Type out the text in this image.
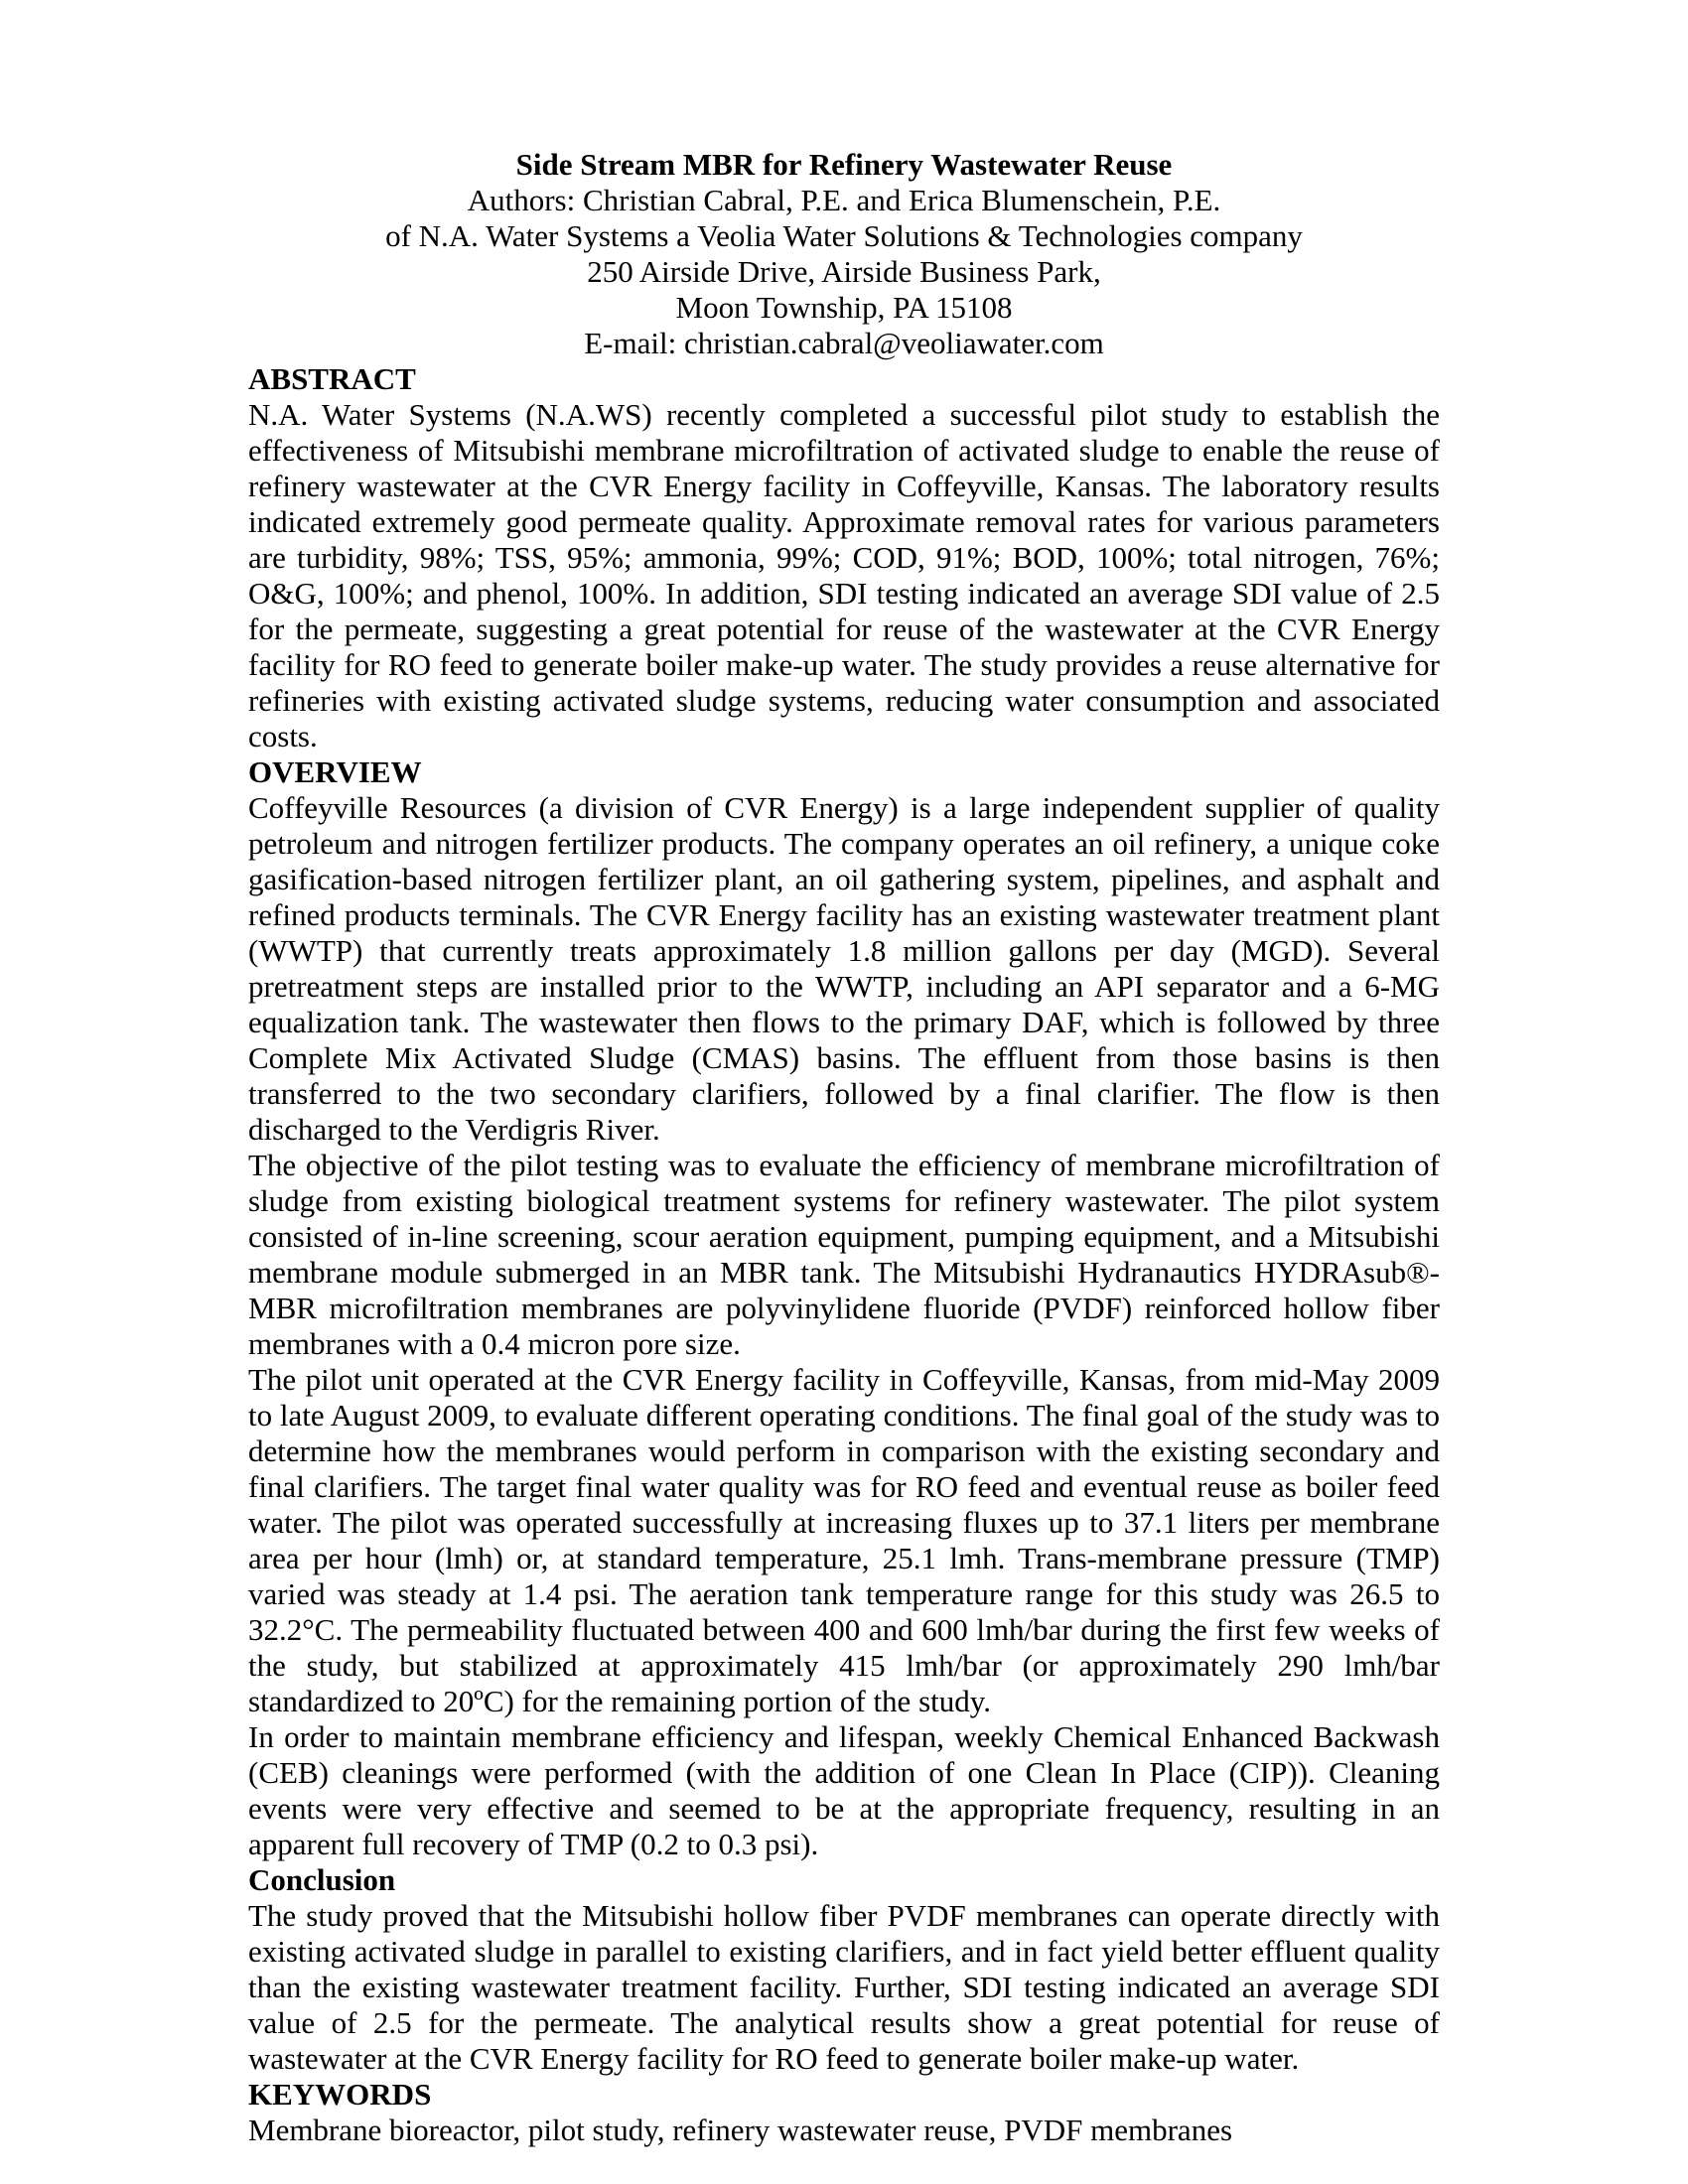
Side Stream MBR for Refinery Wastewater Reuse
Authors: Christian Cabral, P.E. and Erica Blumenschein, P.E.
of N.A. Water Systems a Veolia Water Solutions & Technologies company
250 Airside Drive, Airside Business Park,
Moon Township, PA 15108
E-mail: christian.cabral@veoliawater.com
ABSTRACT

N.A. Water Systems (N.A.WS) recently completed a successful pilot study to establish the effectiveness of Mitsubishi membrane microfiltration of activated sludge to enable the reuse of refinery wastewater at the CVR Energy facility in Coffeyville, Kansas. The laboratory results indicated extremely good permeate quality. Approximate removal rates for various parameters are turbidity, 98%; TSS, 95%; ammonia, 99%; COD, 91%; BOD, 100%; total nitrogen, 76%; O&G, 100%; and phenol, 100%. In addition, SDI testing indicated an average SDI value of 2.5 for the permeate, suggesting a great potential for reuse of the wastewater at the CVR Energy facility for RO feed to generate boiler make-up water. The study provides a reuse alternative for refineries with existing activated sludge systems, reducing water consumption and associated costs.

OVERVIEW

Coffeyville Resources (a division of CVR Energy) is a large independent supplier of quality petroleum and nitrogen fertilizer products. The company operates an oil refinery, a unique coke gasification-based nitrogen fertilizer plant, an oil gathering system, pipelines, and asphalt and refined products terminals. The CVR Energy facility has an existing wastewater treatment plant (WWTP) that currently treats approximately 1.8 million gallons per day (MGD). Several pretreatment steps are installed prior to the WWTP, including an API separator and a 6-MG equalization tank. The wastewater then flows to the primary DAF, which is followed by three Complete Mix Activated Sludge (CMAS) basins. The effluent from those basins is then transferred to the two secondary clarifiers, followed by a final clarifier. The flow is then discharged to the Verdigris River.

The objective of the pilot testing was to evaluate the efficiency of membrane microfiltration of sludge from existing biological treatment systems for refinery wastewater. The pilot system consisted of in-line screening, scour aeration equipment, pumping equipment, and a Mitsubishi membrane module submerged in an MBR tank. The Mitsubishi Hydranautics HYDRAsub®-MBR microfiltration membranes are polyvinylidene fluoride (PVDF) reinforced hollow fiber membranes with a 0.4 micron pore size.

The pilot unit operated at the CVR Energy facility in Coffeyville, Kansas, from mid-May 2009 to late August 2009, to evaluate different operating conditions. The final goal of the study was to determine how the membranes would perform in comparison with the existing secondary and final clarifiers. The target final water quality was for RO feed and eventual reuse as boiler feed water. The pilot was operated successfully at increasing fluxes up to 37.1 liters per membrane area per hour (lmh) or, at standard temperature, 25.1 lmh. Trans-membrane pressure (TMP) varied was steady at 1.4 psi. The aeration tank temperature range for this study was 26.5 to 32.2°C. The permeability fluctuated between 400 and 600 lmh/bar during the first few weeks of the study, but stabilized at approximately 415 lmh/bar (or approximately 290 lmh/bar standardized to 20ºC) for the remaining portion of the study.

In order to maintain membrane efficiency and lifespan, weekly Chemical Enhanced Backwash (CEB) cleanings were performed (with the addition of one Clean In Place (CIP)). Cleaning events were very effective and seemed to be at the appropriate frequency, resulting in an apparent full recovery of TMP (0.2 to 0.3 psi).

Conclusion

The study proved that the Mitsubishi hollow fiber PVDF membranes can operate directly with existing activated sludge in parallel to existing clarifiers, and in fact yield better effluent quality than the existing wastewater treatment facility. Further, SDI testing indicated an average SDI value of 2.5 for the permeate. The analytical results show a great potential for reuse of wastewater at the CVR Energy facility for RO feed to generate boiler make-up water.

KEYWORDS

Membrane bioreactor, pilot study, refinery wastewater reuse, PVDF membranes
